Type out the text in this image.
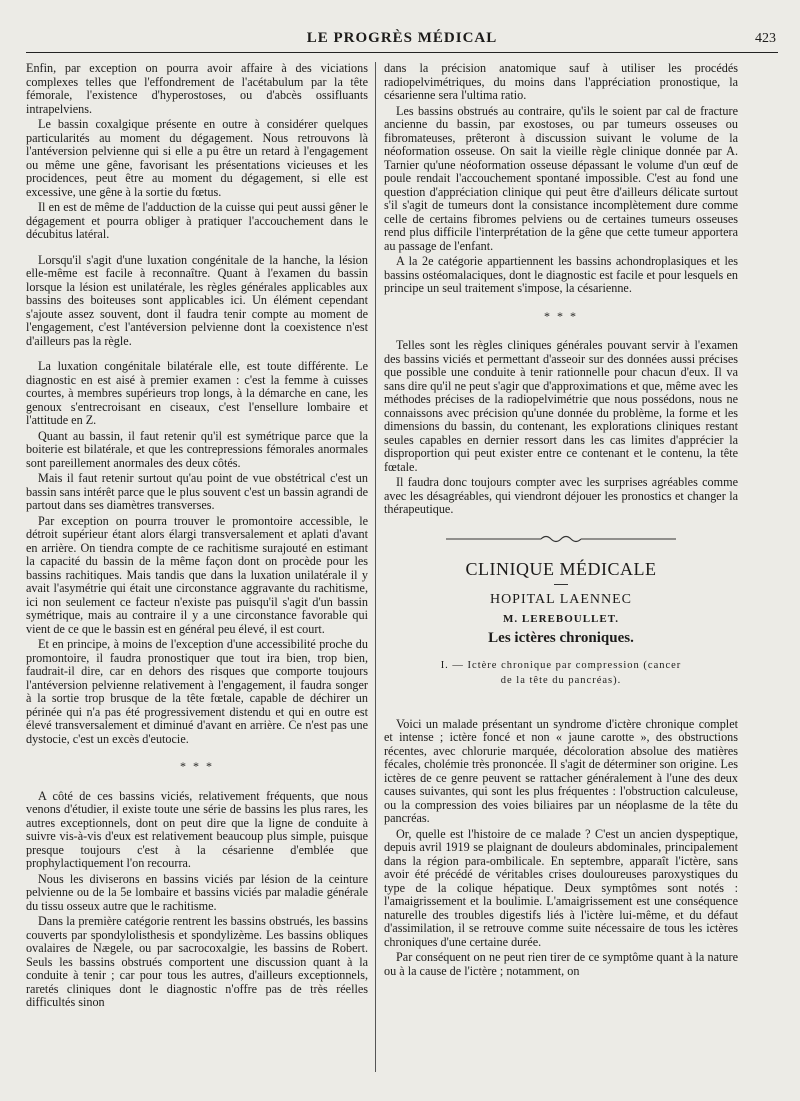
LE PROGRÈS MÉDICAL	423

Enfin, par exception on pourra avoir affaire à des viciations complexes telles que l'effondrement de l'acétabulum par la tête fémorale, l'existence d'hyperostoses, ou d'abcès ossifluants intrapelviens.

Le bassin coxalgique présente en outre à considérer quelques particularités au moment du dégagement. Nous retrouvons là l'antéversion pelvienne qui si elle a pu être un retard à l'engagement ou même une gêne, favorisant les présentations vicieuses et les procidences, peut être au moment du dégagement, si elle est excessive, une gêne à la sortie du fœtus.

Il en est de même de l'adduction de la cuisse qui peut aussi gêner le dégagement et pourra obliger à pratiquer l'accouchement dans le décubitus latéral.

Lorsqu'il s'agit d'une luxation congénitale de la hanche, la lésion elle-même est facile à reconnaître. Quant à l'examen du bassin lorsque la lésion est unilatérale, les règles générales applicables aux bassins des boiteuses sont applicables ici. Un élément cependant s'ajoute assez souvent, dont il faudra tenir compte au moment de l'engagement, c'est l'antéversion pelvienne dont la coexistence n'est d'ailleurs pas la règle.

La luxation congénitale bilatérale elle, est toute différente. Le diagnostic en est aisé à premier examen : c'est la femme à cuisses courtes, à membres supérieurs trop longs, à la démarche en cane, les genoux s'entrecroisant en ciseaux, c'est l'ensellure lombaire et l'attitude en Z.

Quant au bassin, il faut retenir qu'il est symétrique parce que la boiterie est bilatérale, et que les contrepressions fémorales anormales sont pareillement anormales des deux côtés.

Mais il faut retenir surtout qu'au point de vue obstétrical c'est un bassin sans intérêt parce que le plus souvent c'est un bassin agrandi de partout dans ses diamètres transverses.

Par exception on pourra trouver le promontoire accessible, le détroit supérieur étant alors élargi transversalement et aplati d'avant en arrière. On tiendra compte de ce rachitisme surajouté en estimant la capacité du bassin de la même façon dont on procède pour les bassins rachitiques. Mais tandis que dans la luxation unilatérale il y avait l'asymétrie qui était une circonstance aggravante du rachitisme, ici non seulement ce facteur n'existe pas puisqu'il s'agit d'un bassin symétrique, mais au contraire il y a une circonstance favorable qui vient de ce que le bassin est en général peu élevé, il est court.

Et en principe, à moins de l'exception d'une accessibilité proche du promontoire, il faudra pronostiquer que tout ira bien, trop bien, faudrait-il dire, car en dehors des risques que comporte toujours l'antéversion pelvienne relativement à l'engagement, il faudra songer à la sortie trop brusque de la tête fœtale, capable de déchirer un périnée qui n'a pas été progressivement distendu et qui en outre est élevé transversalement et diminué d'avant en arrière. Ce n'est pas une dystocie, c'est un excès d'eutocie.

* * *

A côté de ces bassins viciés, relativement fréquents, que nous venons d'étudier, il existe toute une série de bassins les plus rares, les autres exceptionnels, dont on peut dire que la ligne de conduite à suivre vis-à-vis d'eux est relativement beaucoup plus simple, puisque presque toujours c'est à la césarienne d'emblée que prophylactiquement l'on recourra.

Nous les diviserons en bassins viciés par lésion de la ceinture pelvienne ou de la 5e lombaire et bassins viciés par maladie générale du tissu osseux autre que le rachitisme.

Dans la première catégorie rentrent les bassins obstrués, les bassins couverts par spondylolisthesis et spondylizème. Les bassins obliques ovalaires de Nægele, ou par sacrocoxalgie, les bassins de Robert. Seuls les bassins obstrués comportent une discussion quant à la conduite à tenir ; car pour tous les autres, d'ailleurs exceptionnels, raretés cliniques dont le diagnostic n'offre pas de très réelles difficultés sinon

dans la précision anatomique sauf à utiliser les procédés radiopelvimétriques, du moins dans l'appréciation pronostique, la césarienne sera l'ultima ratio.

Les bassins obstrués au contraire, qu'ils le soient par cal de fracture ancienne du bassin, par exostoses, ou par tumeurs osseuses ou fibromateuses, prêteront à discussion suivant le volume de la néoformation osseuse. On sait la vieille règle clinique donnée par A. Tarnier qu'une néoformation osseuse dépassant le volume d'un œuf de poule rendait l'accouchement spontané impossible. C'est au fond une question d'appréciation clinique qui peut être d'ailleurs délicate surtout s'il s'agit de tumeurs dont la consistance incomplètement dure comme celle de certains fibromes pelviens ou de certaines tumeurs osseuses rend plus difficile l'interprétation de la gêne que cette tumeur apportera au passage de l'enfant.

A la 2e catégorie appartiennent les bassins achondroplasiques et les bassins ostéomalaciques, dont le diagnostic est facile et pour lesquels en principe un seul traitement s'impose, la césarienne.

* * *

Telles sont les règles cliniques générales pouvant servir à l'examen des bassins viciés et permettant d'asseoir sur des données aussi précises que possible une conduite à tenir rationnelle pour chacun d'eux. Il va sans dire qu'il ne peut s'agir que d'approximations et que, même avec les méthodes précises de la radiopelvimétrie que nous possédons, nous ne connaissons avec précision qu'une donnée du problème, la forme et les dimensions du bassin, du contenant, les explorations cliniques restant seules capables en dernier ressort dans les cas limites d'apprécier la disproportion qui peut exister entre ce contenant et le contenu, la tête fœtale.

Il faudra donc toujours compter avec les surprises agréables comme avec les désagréables, qui viendront déjouer les pronostics et changer la thérapeutique.

CLINIQUE MÉDICALE
HOPITAL LAENNEC
M. LEREBOULLET.
Les ictères chroniques.
I. — Ictère chronique par compression (cancer
de la tête du pancréas).

Voici un malade présentant un syndrome d'ictère chronique complet et intense ; ictère foncé et non « jaune carotte », des obstructions récentes, avec chlorurie marquée, décoloration absolue des matières fécales, cholémie très prononcée. Il s'agit de déterminer son origine. Les ictères de ce genre peuvent se rattacher généralement à l'une des deux causes suivantes, qui sont les plus fréquentes : l'obstruction calculeuse, ou la compression des voies biliaires par un néoplasme de la tête du pancréas.

Or, quelle est l'histoire de ce malade ? C'est un ancien dyspeptique, depuis avril 1919 se plaignant de douleurs abdominales, principalement dans la région para-ombilicale. En septembre, apparaît l'ictère, sans avoir été précédé de véritables crises douloureuses paroxystiques du type de la colique hépatique. Deux symptômes sont notés : l'amaigrissement et la boulimie. L'amaigrissement est une conséquence naturelle des troubles digestifs liés à l'ictère lui-même, et du défaut d'assimilation, il se retrouve comme suite nécessaire de tous les ictères chroniques d'une certaine durée.

Par conséquent on ne peut rien tirer de ce symptôme quant à la nature ou à la cause de l'ictère ; notamment, on
